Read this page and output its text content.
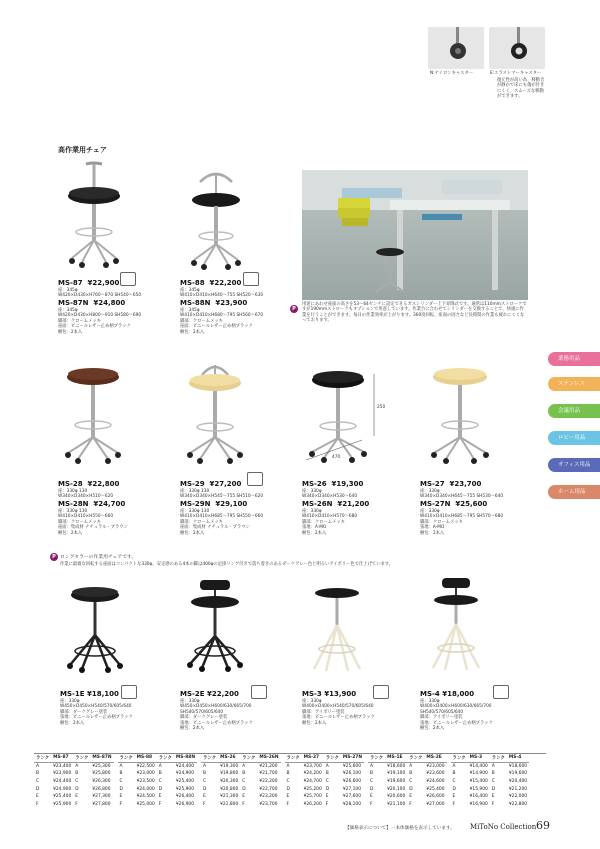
N:ナイロンキャスター	E:エラストマーキャスター
復元性が高い為、移動音が静かで床にも傷が付きにくく、スムーズな移動ができます。
高作業用チェア
MS-87 ¥22,900
座：345φ
W420×D430×H760〜870 SH540〜650
MS-87N ¥24,800
座：345φ
W420×D430×H800〜910 SH580〜690
脚部：クロームメッキ
座面：ビニールレザー止め柄ブラック
梱包：2本入
MS-88 ¥22,200
座：345φ
W410×D410×H640〜755 SH520〜630
MS-88N ¥23,900
座：345φ
W410×D410×H680〜795 SH560〜670
脚部：クロームメッキ
座面：ビニールレザー止め柄ブラック
梱包：2本入
P
用途にあわせ座面の高さを53〜64センチに設定できるガスシリンダー上下昇降式です。通常は110mmストロークですが190mmストロークもオプションで用意しています。作業台に合わせてシリンダーを交換することで、快適に作業を行うことができます。毎日の作業効率が上がります。360度回転、座面の固さなど長時間の作業も疲れにくくなっております。
業務用品
ステンレス
会議用品
ロビー用品
オフィス用品
ホーム用品
250
470
MS-28 ¥22,800
座：330φ 130
W340×D340×H510〜620
MS-28N ¥24,700
座：330φ 130
W410×D410×H550〜660
脚部：クロームメッキ
座面：集成材 ナチュラル・ブラウン
梱包：2本入
MS-29 ¥27,200
座：330φ 130
W340×D340×H545〜755 SH510〜620
MS-29N ¥29,100
座：330φ 130
W410×D410×H685〜795 SH550〜660
脚部：クロームメッキ
座面：集成材 ナチュラル・ブラウン
梱包：2本入
MS-26 ¥19,300
座：330φ
W340×D340×H530〜640
MS-26N ¥21,200
座：330φ
W410×D410×H570〜680
脚部：クロームメッキ
張地：A-MO
梱包：2本入
MS-27 ¥23,700
座：330φ
W340×D340×H645〜755 SH530〜640
MS-27N ¥25,600
座：330φ
W410×D410×H685〜795 SH570〜680
脚部：クロームメッキ
張地：A-MO
梱包：2本入
P ロングセラーの作業用チェアです。
作業に最適な回転する座面はコンパクトな330φ。安定感のある4本の脚は400φの足掛リング付きで落ち着きのあるダークグレー色と明るいアイボリー色で仕上げています。
MS-1E ¥18,100
座：330φ
W450×D450×H540/570/605/640
脚部：ダークグレー塗装
張地：ビニールレザー止め柄ブラック
梱包：2本入
MS-2E ¥22,200
座：330φ
W450×D450×H600/630/665/700
SH540/570/605/640
脚部：ダークグレー塗装
張地：ビニールレザー止め柄ブラック
梱包：2本入
MS-3 ¥13,900
座：330φ
W400×D400×H540/570/605/640
脚部：アイボリー塗装
張地：ビニールレザー止め柄ブラック
梱包：2本入
MS-4 ¥18,000
座：330φ
W400×D400×H600/630/665/700
SH540/570/605/640
脚部：アイボリー塗装
張地：ビニールレザー止め柄ブラック
梱包：2本入
ランク	MS-87	ランク	MS-87N
A	¥23,400	A	¥25,300
B	¥23,900	B	¥25,800
C	¥24,400	C	¥26,300
D	¥24,900	D	¥26,800
E	¥25,400	E	¥27,300
F	¥25,900	F	¥27,800
ランク	MS-88	ランク	MS-88N
A	¥22,500	A	¥24,400
B	¥23,000	B	¥24,900
C	¥23,500	C	¥25,400
D	¥24,000	D	¥25,900
E	¥24,500	E	¥26,400
F	¥25,000	F	¥26,900
ランク	MS-26	ランク	MS-26N
A	¥19,300	A	¥21,200
B	¥19,800	B	¥21,700
C	¥20,300	C	¥22,200
D	¥20,800	D	¥22,700
E	¥21,300	E	¥23,200
F	¥21,800	F	¥23,700
ランク	MS-27	ランク	MS-27N
A	¥23,700	A	¥25,600
B	¥24,200	B	¥26,100
C	¥24,700	C	¥26,600
D	¥25,200	D	¥27,100
E	¥25,700	E	¥27,600
F	¥26,200	F	¥28,100
ランク	MS-1E	ランク	MS-2E
A	¥18,600	A	¥23,000
B	¥19,100	B	¥23,600
C	¥19,600	C	¥24,600
D	¥20,100	D	¥25,400
E	¥20,600	E	¥26,600
F	¥21,100	F	¥27,000
ランク	MS-3	ランク	MS-4
A	¥14,400	A	¥18,600
B	¥14,900	B	¥19,600
C	¥15,400	C	¥20,400
D	¥15,900	D	¥21,200
E	¥16,400	E	¥22,000
F	¥16,900	F	¥22,800
【価格表示について】一本体価格を表示しています。 MiToNo Collection 69
